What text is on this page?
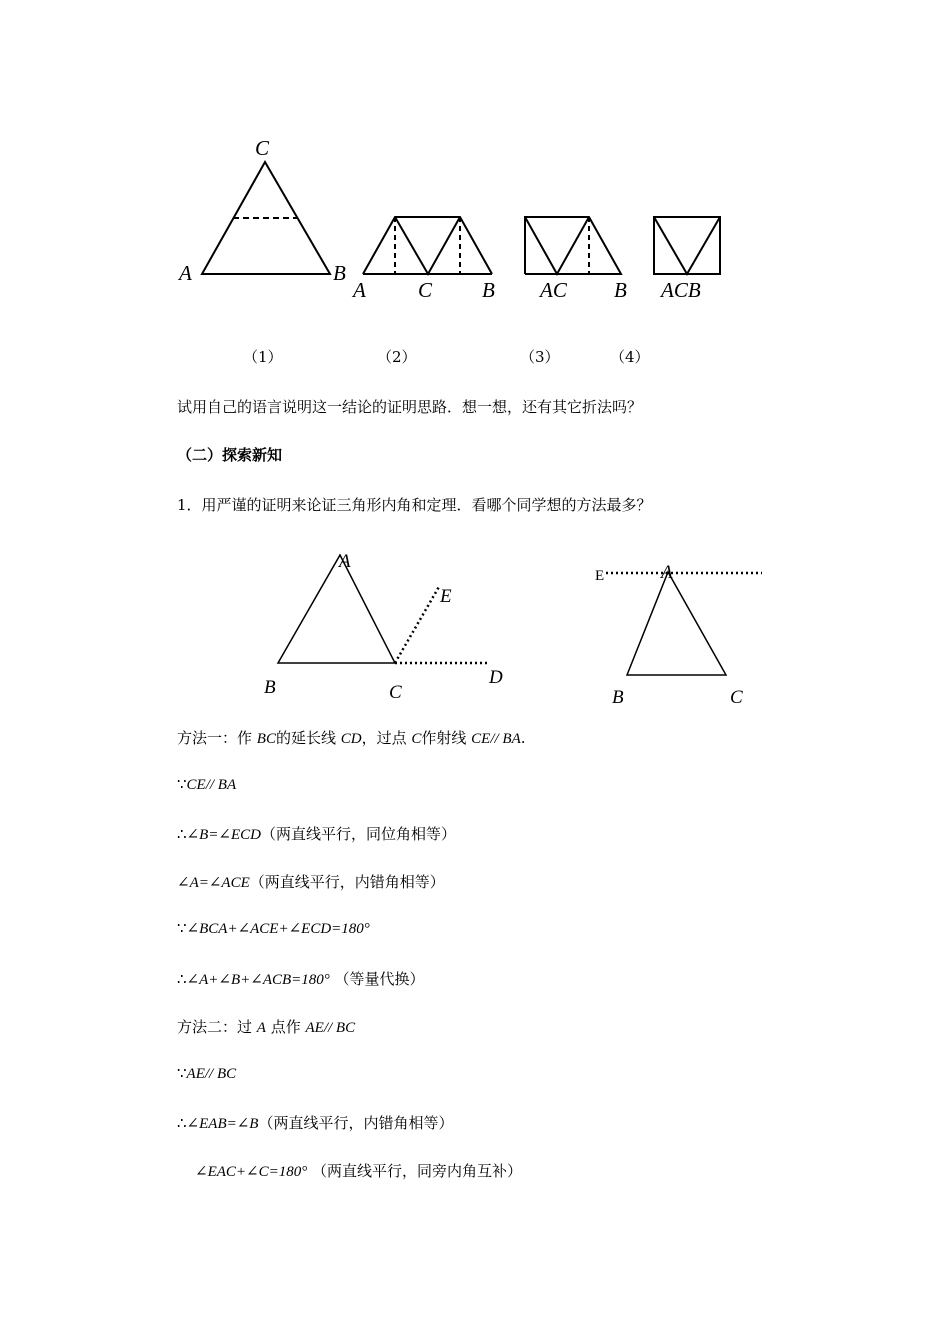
C
A	B
A C B AC B ACB
（1）	（2）	（3）	（4）
试用自己的语言说明这一结论的证明思路．想一想，还有其它折法吗？
（二）探索新知
1．用严谨的证明来论证三角形内角和定理．看哪个同学想的方法最多？
A
E
B	C
D
E	A
B	C
方法一：作 BC的延长线 CD，过点 C作射线 CE// BA.
∵CE// BA
∴∠B=∠ECD（两直线平行，同位角相等）
∠A=∠ACE（两直线平行，内错角相等）
∵∠BCA+∠ACE+∠ECD=180°
∴∠A+∠B+∠ACB=180° （等量代换）
方法二：过 A 点作 AE// BC
∵AE// BC
∴∠EAB=∠B（两直线平行，内错角相等）
∠EAC+∠C=180° （两直线平行，同旁内角互补）
